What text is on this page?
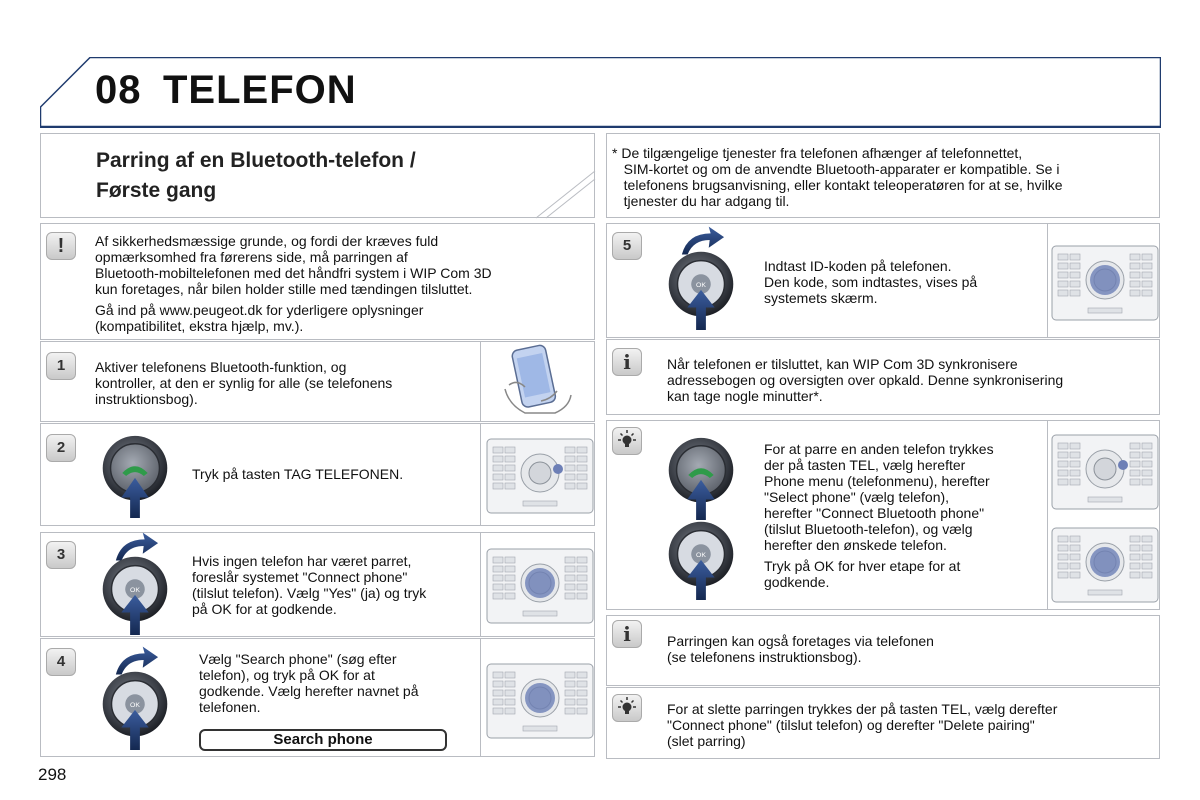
08 TELEFON
Parring af en Bluetooth-telefon /
Første gang
* De tilgængelige tjenester fra telefonen afhænger af telefonnettet,
SIM-kortet og om de anvendte Bluetooth-apparater er kompatible. Se i
telefonens brugsanvisning, eller kontakt teleoperatøren for at se, hvilke
tjenester du har adgang til.
!	Af sikkerhedsmæssige grunde, og fordi der kræves fuld
opmærksomhed fra førerens side, må parringen af
Bluetooth-mobiltelefonen med det håndfri system i WIP Com 3D
kun foretages, når bilen holder stille med tændingen tilsluttet.
Gå ind på www.peugeot.dk for yderligere oplysninger
(kompatibilitet, ekstra hjælp, mv.).
1	Aktiver telefonens Bluetooth-funktion, og
kontroller, at den er synlig for alle (se telefonens
instruktionsbog).
2
Tryk på tasten TAG TELEFONEN.
3	Hvis ingen telefon har været parret,
foreslår systemet "Connect phone"
(tilslut telefon). Vælg "Yes" (ja) og tryk
på OK for at godkende.
4	Vælg "Search phone" (søg efter
telefon), og tryk på OK for at
godkende. Vælg herefter navnet på
telefonen.
Search phone
5
Indtast ID-koden på telefonen.
Den kode, som indtastes, vises på
systemets skærm.
i	Når telefonen er tilsluttet, kan WIP Com 3D synkronisere
adressebogen og oversigten over opkald. Denne synkronisering
kan tage nogle minutter*.
For at parre en anden telefon trykkes
der på tasten TEL, vælg herefter
Phone menu (telefonmenu), herefter
"Select phone" (vælg telefon),
herefter "Connect Bluetooth phone"
(tilslut Bluetooth-telefon), og vælg
herefter den ønskede telefon.
Tryk på OK for hver etape for at
godkende.
i	Parringen kan også foretages via telefonen
(se telefonens instruktionsbog).
For at slette parringen trykkes der på tasten TEL, vælg derefter
"Connect phone" (tilslut telefon) og derefter "Delete pairing"
(slet parring)
298
